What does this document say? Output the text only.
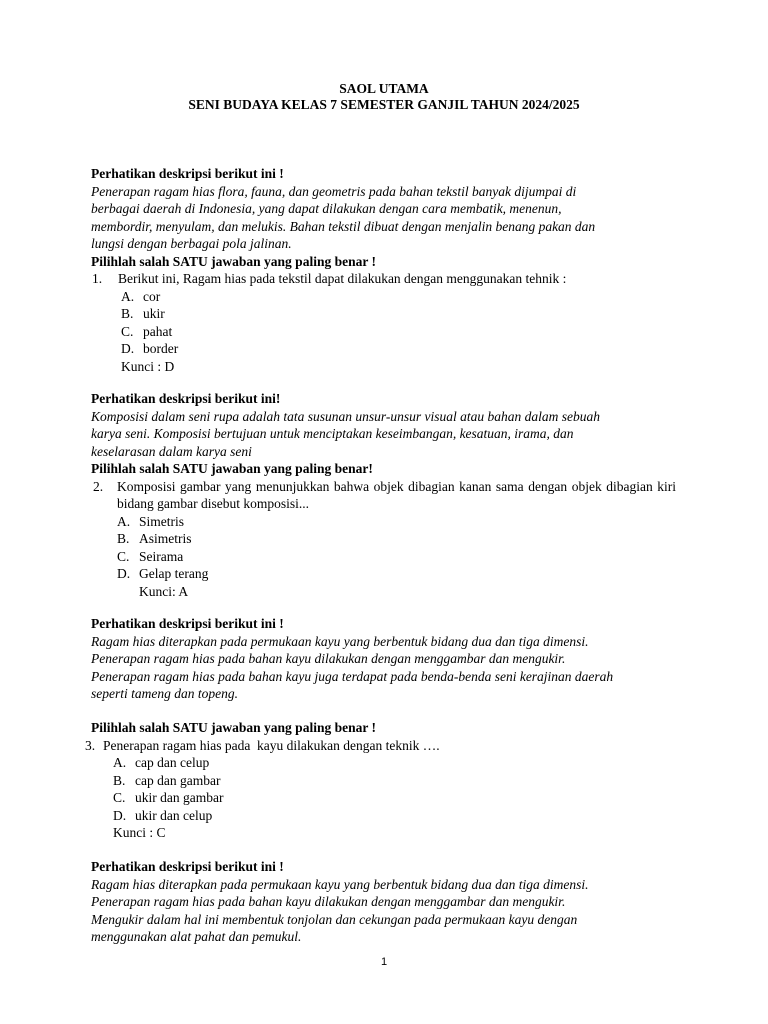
SAOL UTAMA
SENI BUDAYA KELAS 7 SEMESTER GANJIL TAHUN 2024/2025
Perhatikan deskripsi berikut ini !
Penerapan ragam hias flora, fauna, dan geometris pada bahan tekstil banyak dijumpai di
berbagai daerah di Indonesia, yang dapat dilakukan dengan cara membatik, menenun,
membordir, menyulam, dan melukis. Bahan tekstil dibuat dengan menjalin benang pakan dan
lungsi dengan berbagai pola jalinan.
Pilihlah salah SATU jawaban yang paling benar !
1.	Berikut ini, Ragam hias pada tekstil dapat dilakukan dengan menggunakan tehnik :
A. cor
B. ukir
C. pahat
D. border
Kunci : D
Perhatikan deskripsi berikut ini!
Komposisi dalam seni rupa adalah tata susunan unsur-unsur visual atau bahan dalam sebuah
karya seni. Komposisi bertujuan untuk menciptakan keseimbangan, kesatuan, irama, dan
keselarasan dalam karya seni
Pilihlah salah SATU jawaban yang paling benar!
2.	Komposisi gambar yang menunjukkan bahwa objek dibagian kanan sama dengan objek dibagian kiri bidang gambar disebut komposisi...
A. Simetris
B. Asimetris
C. Seirama
D. Gelap terang
Kunci: A
Perhatikan deskripsi berikut ini !
Ragam hias diterapkan pada permukaan kayu yang berbentuk bidang dua dan tiga dimensi.
Penerapan ragam hias pada bahan kayu dilakukan dengan menggambar dan mengukir.
Penerapan ragam hias pada bahan kayu juga terdapat pada benda-benda seni kerajinan daerah
seperti tameng dan topeng.
Pilihlah salah SATU jawaban yang paling benar !
3. Penerapan ragam hias pada  kayu dilakukan dengan teknik ….
A. cap dan celup
B. cap dan gambar
C. ukir dan gambar
D. ukir dan celup
Kunci : C
Perhatikan deskripsi berikut ini !
Ragam hias diterapkan pada permukaan kayu yang berbentuk bidang dua dan tiga dimensi.
Penerapan ragam hias pada bahan kayu dilakukan dengan menggambar dan mengukir.
Mengukir dalam hal ini membentuk tonjolan dan cekungan pada permukaan kayu dengan
menggunakan alat pahat dan pemukul.
1
